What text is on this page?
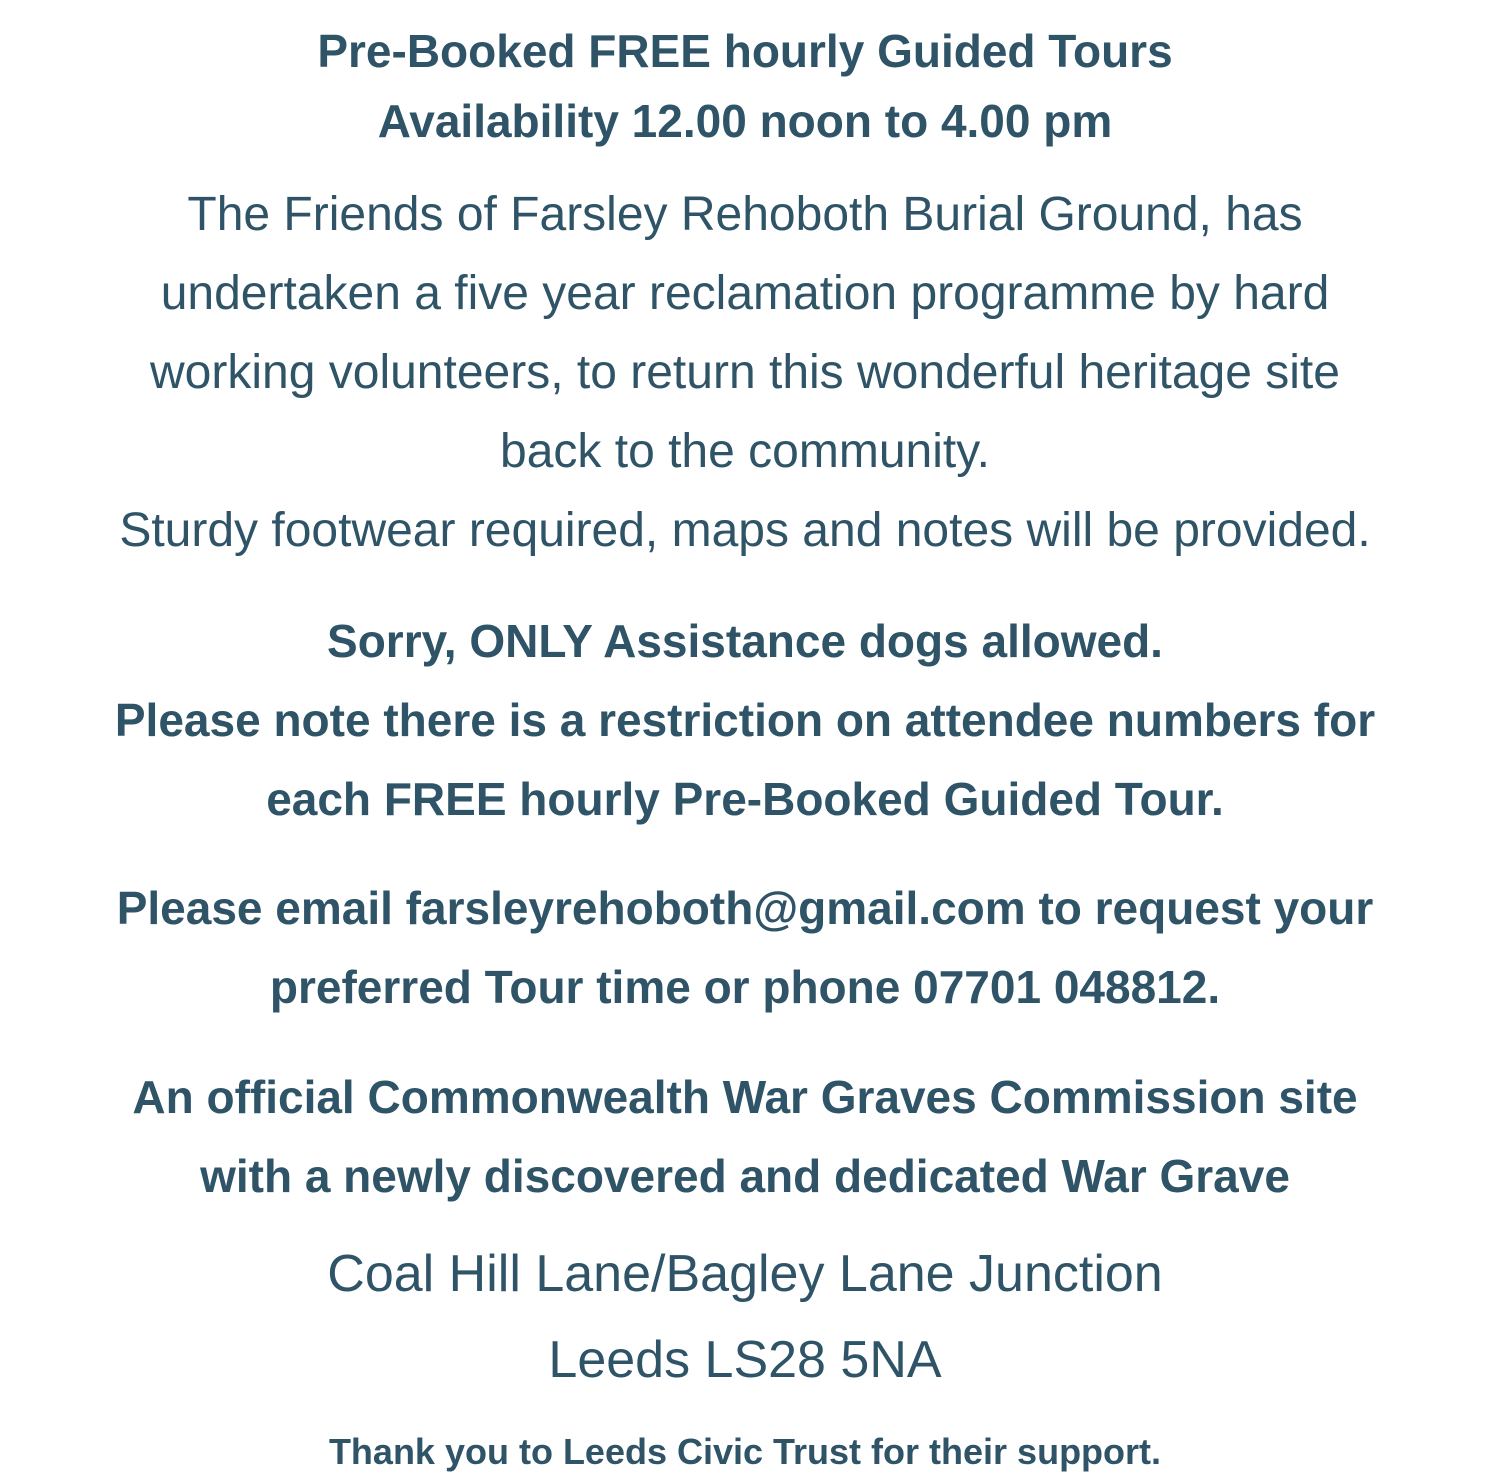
Pre-Booked FREE hourly Guided Tours
Availability 12.00 noon to 4.00 pm
The Friends of Farsley Rehoboth Burial Ground, has
undertaken a five year reclamation programme by hard
working volunteers, to return this wonderful heritage site
back to the community.
Sturdy footwear required, maps and notes will be provided.
Sorry, ONLY Assistance dogs allowed.
Please note there is a restriction on attendee numbers for
each FREE hourly Pre-Booked Guided Tour.
Please email farsleyrehoboth@gmail.com to request your
preferred Tour time or phone 07701 048812.
An official Commonwealth War Graves Commission site
with a newly discovered and dedicated War Grave
Coal Hill Lane/Bagley Lane Junction
Leeds LS28 5NA
Thank you to Leeds Civic Trust for their support.
